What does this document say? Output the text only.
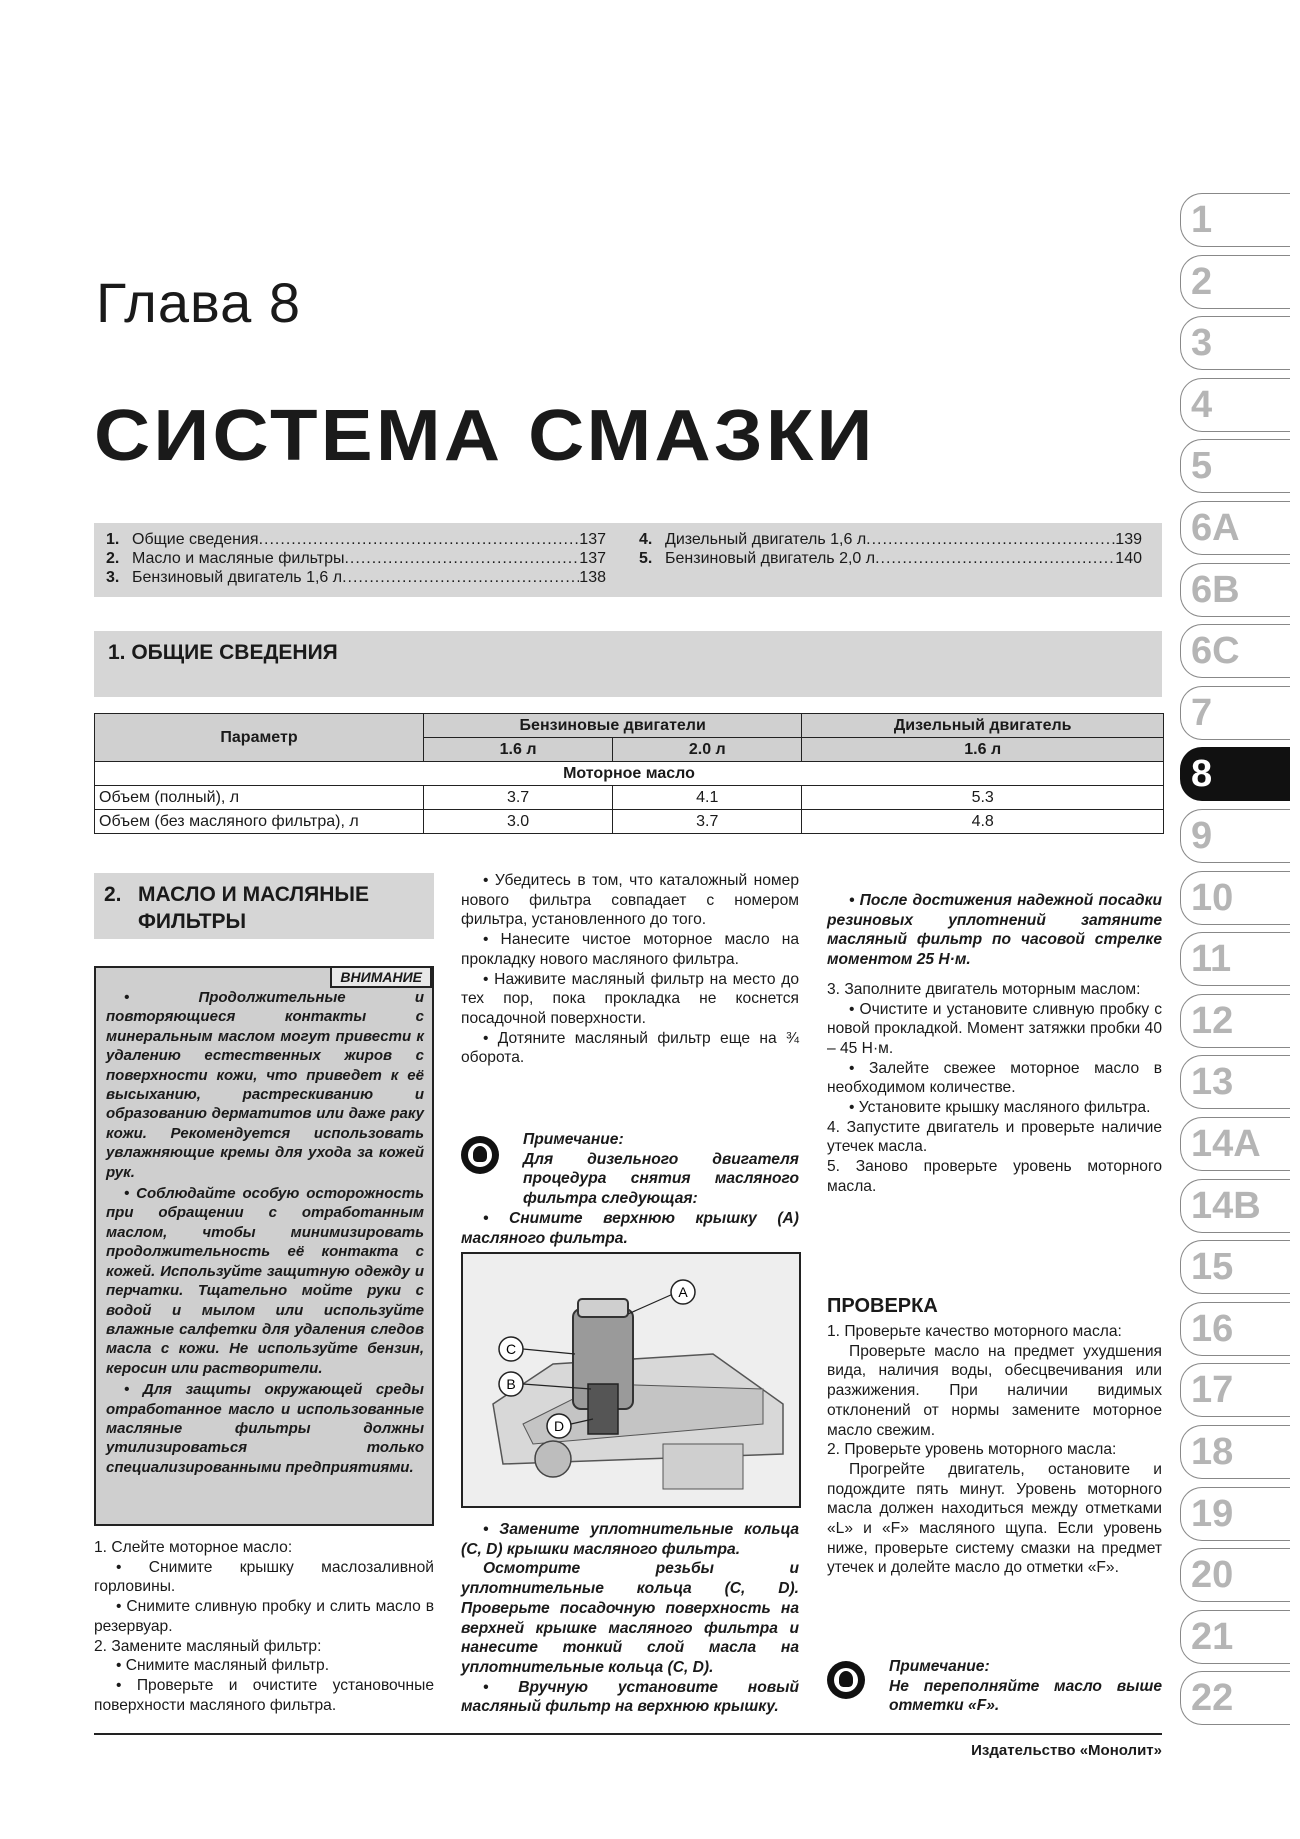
Глава 8
СИСТЕМА СМАЗКИ
1. Общие сведения .....	137
2. Масло и масляные фильтры .....	137
3. Бензиновый двигатель 1,6 л .....	138
4. Дизельный двигатель 1,6 л .....	139
5. Бензиновый двигатель 2,0 л .....	140
1. ОБЩИЕ СВЕДЕНИЯ
Параметр	Бензиновые двигатели		Дизельный двигатель
	1.6 л	2.0 л	1.6 л
Моторное масло			
Объем (полный), л	3.7	4.1	5.3
Объем (без масляного фильтра), л	3.0	3.7	4.8
2. МАСЛО И МАСЛЯНЫЕ
ФИЛЬТРЫ
ВНИМАНИЕ

• Продолжительные и повторяющиеся контакты с минеральным маслом могут привести к удалению естественных жиров с поверхности кожи, что приведет к её высыханию, растрескиванию и образованию дерматитов или даже раку кожи. Рекомендуется использовать увлажняющие кремы для ухода за кожей рук.

• Соблюдайте особую осторожность при обращении с отработанным маслом, чтобы минимизировать продолжительность её контакта с кожей. Используйте защитную одежду и перчатки. Тщательно мойте руки с водой и мылом или используйте влажные салфетки для удаления следов масла с кожи. Не используйте бензин, керосин или растворители.

• Для защиты окружающей среды отработанное масло и использованные масляные фильтры должны утилизироваться только специализированными предприятиями.

1. Слейте моторное масло:

• Снимите крышку маслозаливной горловины.

• Снимите сливную пробку и слить масло в резервуар.

2. Замените масляный фильтр:

• Снимите масляный фильтр.

• Проверьте и очистите установочные поверхности масляного фильтра.

• Убедитесь в том, что каталожный номер нового фильтра совпадает с номером фильтра, установленного до того.

• Нанесите чистое моторное масло на прокладку нового масляного фильтра.

• Наживите масляный фильтр на место до тех пор, пока прокладка не коснется посадочной поверхности.

• Дотяните масляный фильтр еще на ¾ оборота.

Примечание:

Для дизельного двигателя процедура снятия масляного фильтра следующая:

• Снимите верхнюю крышку (А) масляного фильтра.

A
C
B
D

• Замените уплотнительные кольца (C, D) крышки масляного фильтра.

Осмотрите резьбы и уплотнительные кольца (C, D). Проверьте посадочную поверхность на верхней крышке масляного фильтра и нанесите тонкий слой масла на уплотнительные кольца (C, D).

• Вручную установите новый масляный фильтр на верхнюю крышку.

• После достижения надежной посадки резиновых уплотнений затяните масляный фильтр по часовой стрелке моментом 25 Н·м.

3. Заполните двигатель моторным маслом:

• Очистите и установите сливную пробку с новой прокладкой. Момент затяжки пробки 40 – 45 Н·м.

• Залейте свежее моторное масло в необходимом количестве.

• Установите крышку масляного фильтра.

4. Запустите двигатель и проверьте наличие утечек масла.

5. Заново проверьте уровень моторного масла.

ПРОВЕРКА

1. Проверьте качество моторного масла:

Проверьте масло на предмет ухудшения вида, наличия воды, обесцвечивания или разжижения. При наличии видимых отклонений от нормы замените моторное масло свежим.

2. Проверьте уровень моторного масла:

Прогрейте двигатель, остановите и подождите пять минут. Уровень моторного масла должен находиться между отметками «L» и «F» масляного щупа. Если уровень ниже, проверьте систему смазки на предмет утечек и долейте масло до отметки «F».

Примечание:

Не переполняйте масло выше отметки «F».

Издательство «Монолит»
1
2
3
4
5
6A
6B
6C
7
8
9
10
11
12
13
14A
14B
15
16
17
18
19
20
21
22
